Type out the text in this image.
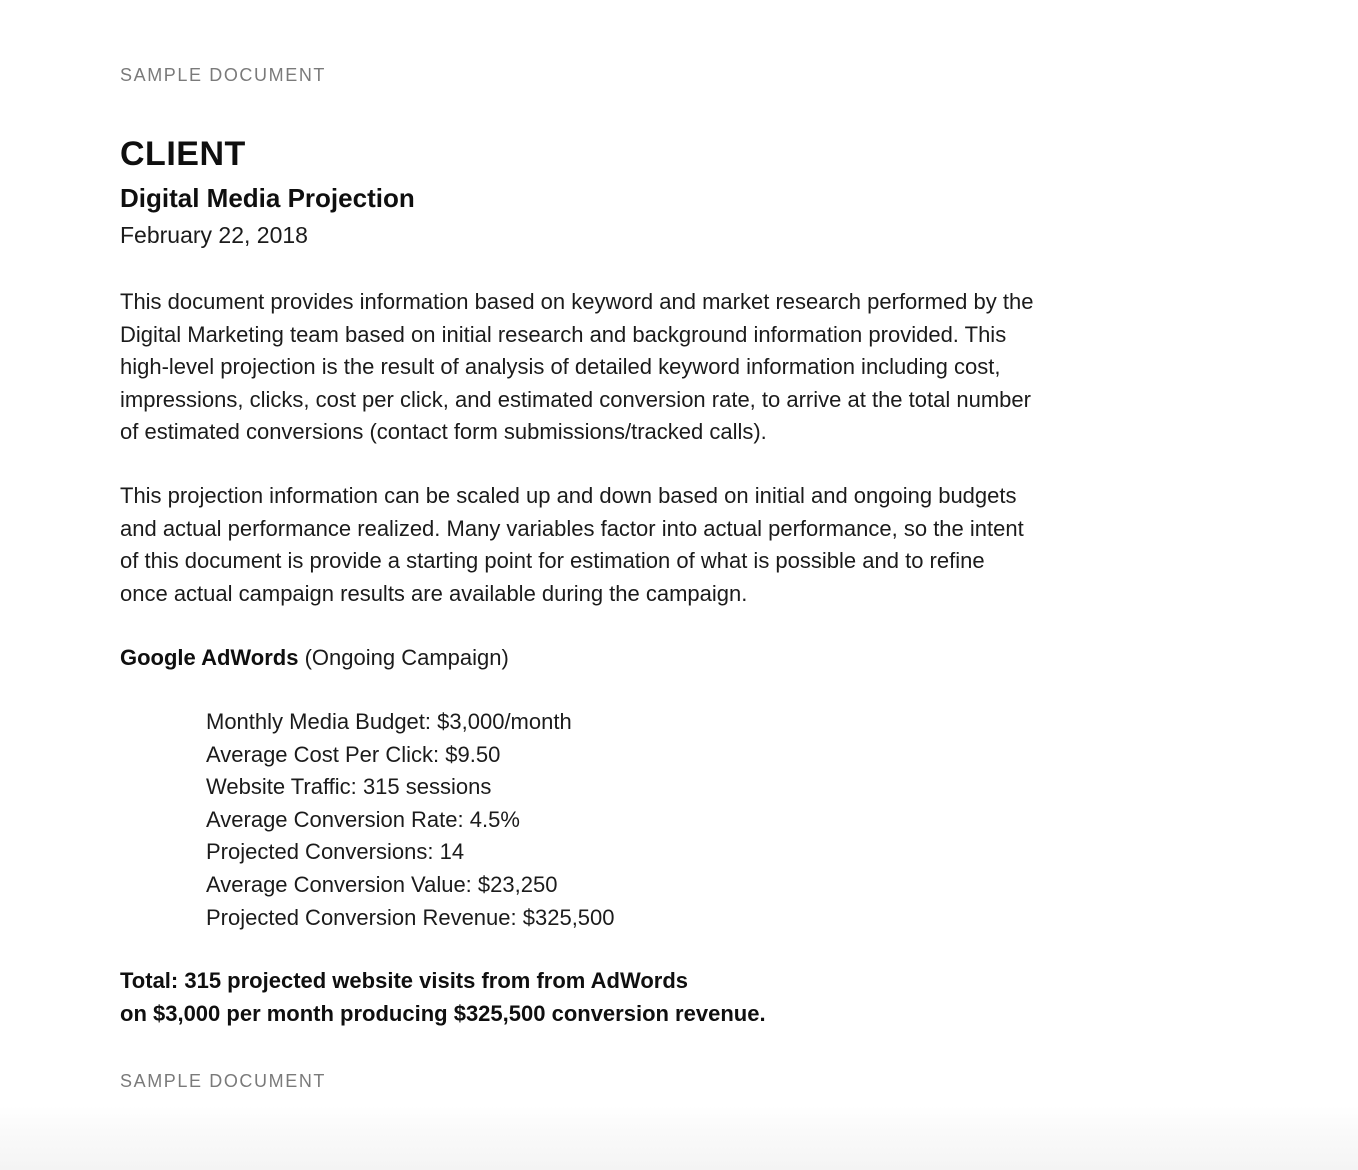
SAMPLE DOCUMENT
CLIENT
Digital Media Projection
February 22, 2018
This document provides information based on keyword and market research performed by the
Digital Marketing team based on initial research and background information provided. This
high-level projection is the result of analysis of detailed keyword information including cost,
impressions, clicks, cost per click, and estimated conversion rate, to arrive at the total number
of estimated conversions (contact form submissions/tracked calls).
This projection information can be scaled up and down based on initial and ongoing budgets
and actual performance realized. Many variables factor into actual performance, so the intent
of this document is provide a starting point for estimation of what is possible and to refine
once actual campaign results are available during the campaign.
Google AdWords (Ongoing Campaign)
Monthly Media Budget: $3,000/month
Average Cost Per Click: $9.50
Website Traffic: 315 sessions
Average Conversion Rate: 4.5%
Projected Conversions: 14
Average Conversion Value: $23,250
Projected Conversion Revenue: $325,500
Total: 315 projected website visits from from AdWords
on $3,000 per month producing $325,500 conversion revenue.
SAMPLE DOCUMENT
